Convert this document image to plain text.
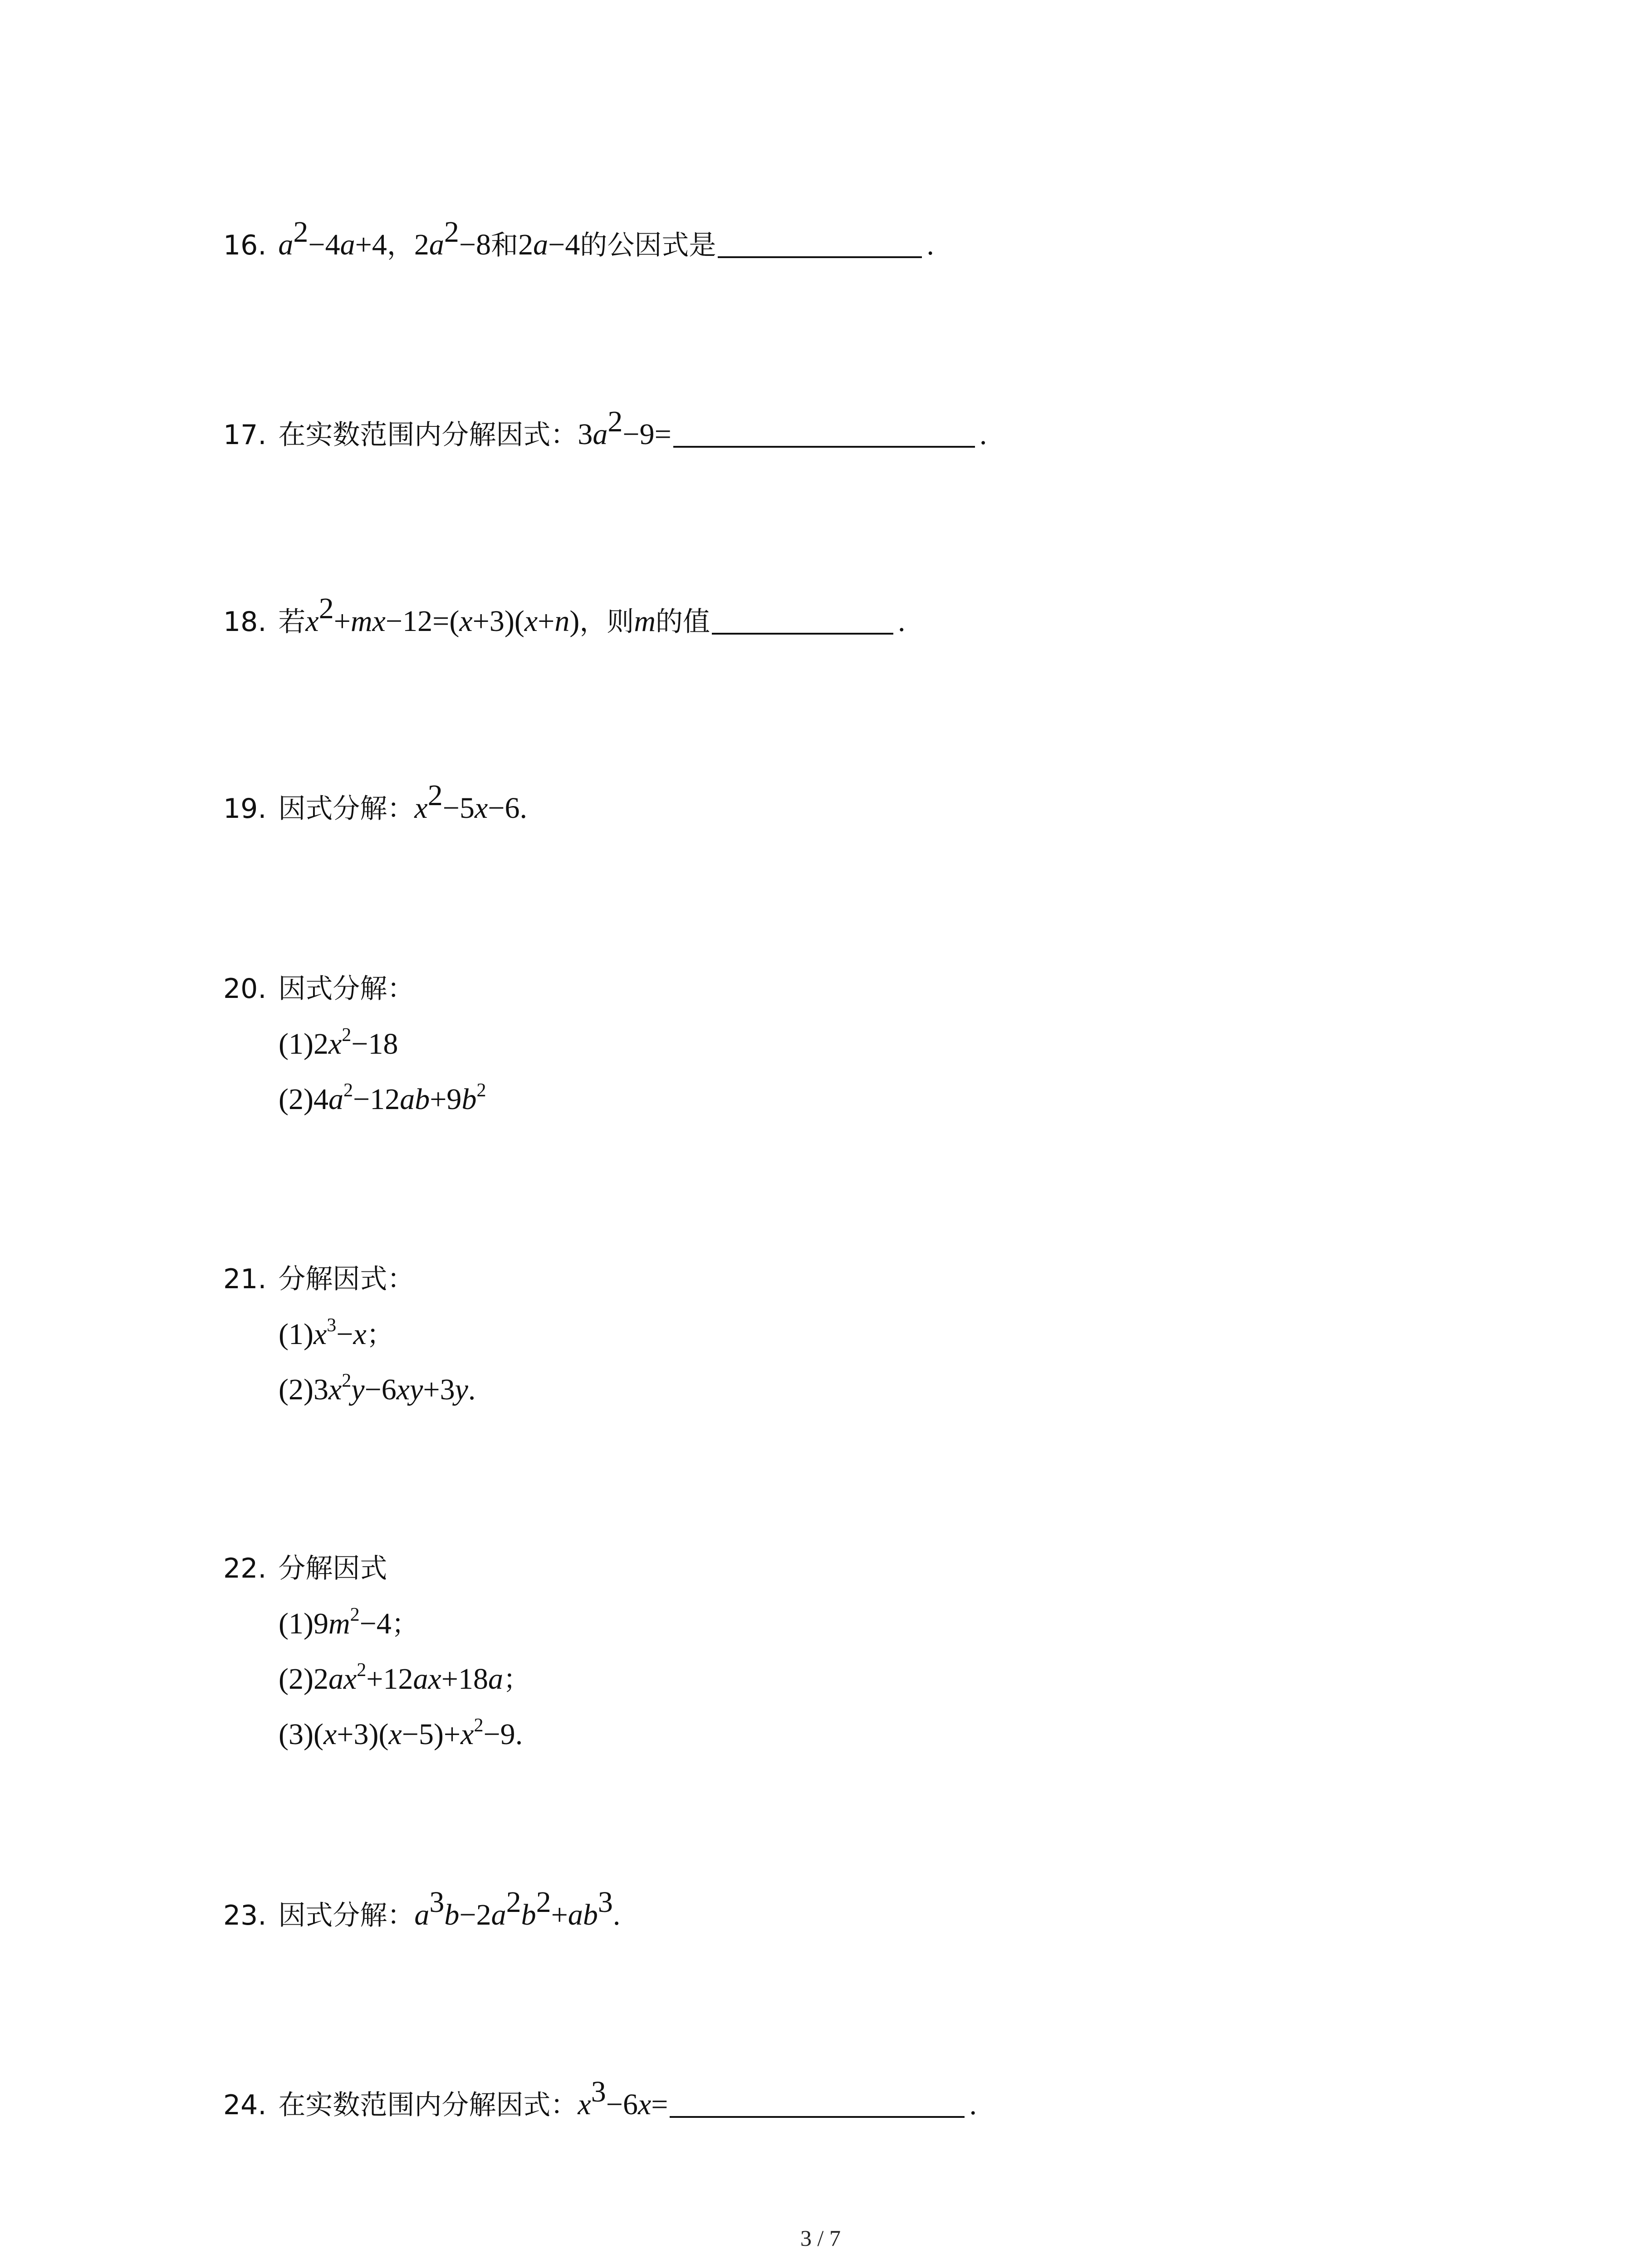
16. $a^2-4a+4$，$2a^2-8$和2a−4的公因式是	.
17. 在实数范围内分解因式：$3a^2-9=$	.
18. 若$x^2+mx-12=(x+3)(x+n)$，则m的值	.
19. 因式分解：$x^2-5x-6$.
20. 因式分解：
$(1)2x^2-18$
$(2)4a^2-12ab+9b^2$
21. 分解因式：
$(1)x^3-x$；
$(2)3x^2y-6xy+3y$.
22. 分解因式
$(1)9m^2-4$；
$(2)2ax^2+12ax+18a$；
$(3)(x+3)(x-5)+x^2-9$.
23. 因式分解：$a^3b-2a^2b^2+ab^3$.
24. 在实数范围内分解因式：$x^3-6x=$	.
3 / 7
